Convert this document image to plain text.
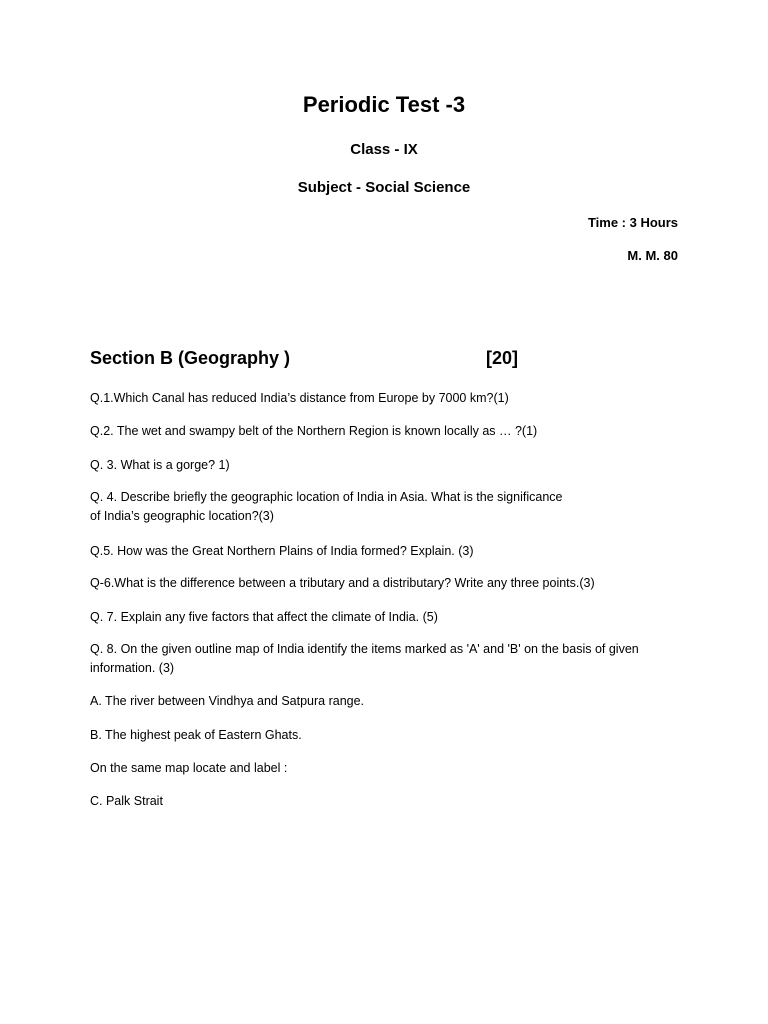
Periodic Test -3
Class - IX
Subject - Social Science
Time : 3 Hours
M. M. 80
Section B (Geography )	[20]
Q.1.Which Canal has reduced India’s distance from Europe by 7000 km?(1)
Q.2. The wet and swampy belt of the Northern Region is known locally as … ?(1)
Q. 3. What is a gorge? 1)
Q. 4. Describe briefly the geographic location of India in Asia. What is the significance
of India’s geographic location?(3)
Q.5. How was the Great Northern Plains of India formed? Explain. (3)
Q-6.What is the difference between a tributary and a distributary? Write any three points.(3)
Q. 7. Explain any five factors that affect the climate of India. (5)
Q. 8. On the given outline map of India identify the items marked as 'A' and 'B' on the basis of given
information. (3)
A. The river between Vindhya and Satpura range.
B. The highest peak of Eastern Ghats.
On the same map locate and label :
C. Palk Strait
